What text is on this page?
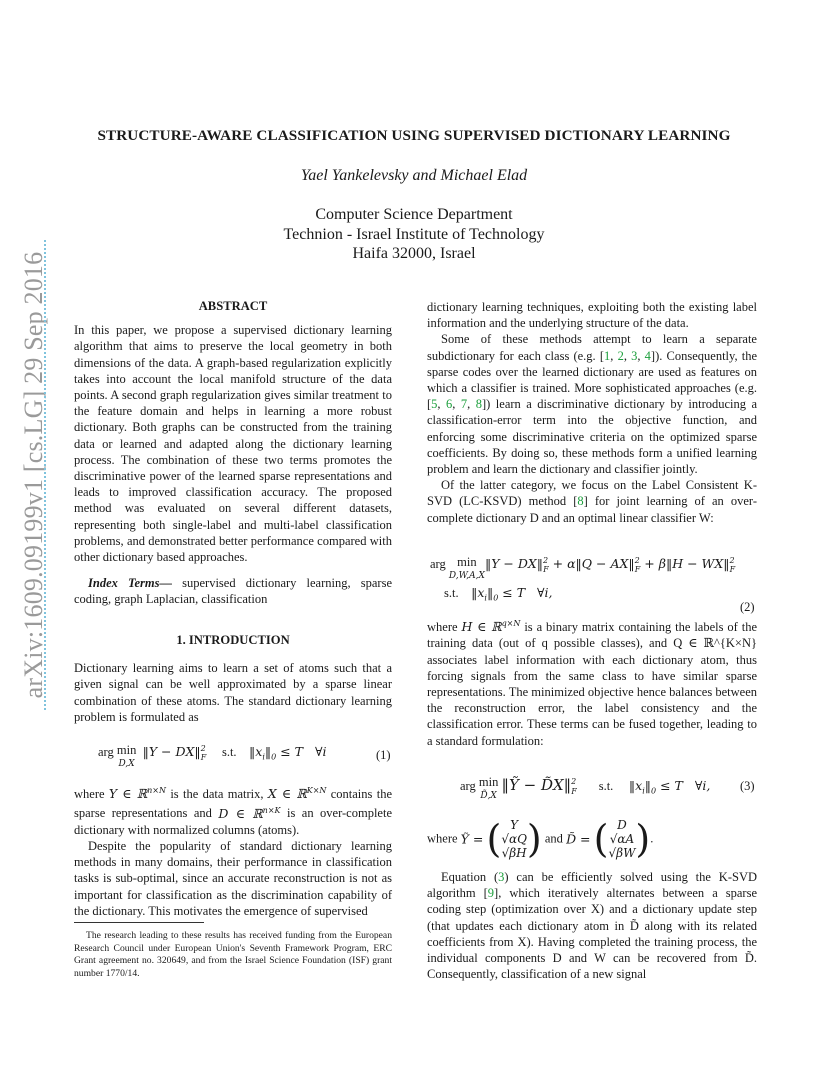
arXiv:1609.09199v1 [cs.LG] 29 Sep 2016
STRUCTURE-AWARE CLASSIFICATION USING SUPERVISED DICTIONARY LEARNING
Yael Yankelevsky and Michael Elad
Computer Science Department
Technion - Israel Institute of Technology
Haifa 32000, Israel
ABSTRACT

In this paper, we propose a supervised dictionary learning algorithm that aims to preserve the local geometry in both dimensions of the data. A graph-based regularization explicitly takes into account the local manifold structure of the data points. A second graph regularization gives similar treatment to the feature domain and helps in learning a more robust dictionary. Both graphs can be constructed from the training data or learned and adapted along the dictionary learning process. The combination of these two terms promotes the discriminative power of the learned sparse representations and leads to improved classification accuracy. The proposed method was evaluated on several different datasets, representing both single-label and multi-label classification problems, and demonstrated better performance compared with other dictionary based approaches.

Index Terms— supervised dictionary learning, sparse coding, graph Laplacian, classification

1. INTRODUCTION

Dictionary learning aims to learn a set of atoms such that a given signal can be well approximated by a sparse linear combination of these atoms. The standard dictionary learning problem is formulated as

arg min
D,X  ‖Y − DX‖$^2_F$ s.t. $‖x_i‖_0 \le T$   ∀i	(1)

where Y ∈ ℝ$^{n\times N}$ is the data matrix, X ∈ ℝ$^{K\times N}$ contains the sparse representations and D ∈ ℝ$^{n\times K}$ is an over-complete dictionary with normalized columns (atoms).

Despite the popularity of standard dictionary learning methods in many domains, their performance in classification tasks is sub-optimal, since an accurate reconstruction is not as important for classification as the discrimination capability of the dictionary. This motivates the emergence of supervised

The research leading to these results has received funding from the European Research Council under European Union's Seventh Framework Program, ERC Grant agreement no. 320649, and from the Israel Science Foundation (ISF) grant number 1770/14.

dictionary learning techniques, exploiting both the existing label information and the underlying structure of the data.

Some of these methods attempt to learn a separate subdictionary for each class (e.g. [1, 2, 3, 4]). Consequently, the sparse codes over the learned dictionary are used as features on which a classifier is trained. More sophisticated approaches (e.g. [5, 6, 7, 8]) learn a discriminative dictionary by introducing a classification-error term into the objective function, and enforcing some discriminative criteria on the optimized sparse coefficients. By doing so, these methods form a unified learning problem and learn the dictionary and classifier jointly.

Of the latter category, we focus on the Label Consistent K-SVD (LC-KSVD) method [8] for joint learning of an over-complete dictionary D and an optimal linear classifier W:

arg min
D,W,A,X‖Y − DX‖$^2_F$ + α‖Q − AX‖$^2_F$ + β‖H − WX‖$^2_F$
s.t. $‖x_i‖_0 \le T$   ∀i,
(2)

where H ∈ ℝ$^{q\times N}$ is a binary matrix containing the labels of the training data (out of q possible classes), and Q ∈ ℝ^{K×N} associates label information with each dictionary atom, thus forcing signals from the same class to have similar sparse representations. The minimized objective hence balances between the reconstruction error, the label consistency and the classification error. These terms can be fused together, leading to a standard formulation:

arg min
D̃,X ‖Ỹ − D̃X‖$^2_F$ s.t. $‖x_i‖_0 \le T$   ∀i, (3)
where Ỹ = ( Y
√αQ
√βH) and D̃ = ( D
√αA
√βW).

Equation (3) can be efficiently solved using the K-SVD algorithm [9], which iteratively alternates between a sparse coding step (optimization over X) and a dictionary update step (that updates each dictionary atom in D̃ along with its related coefficients from X). Having completed the training process, the individual components D and W can be recovered from D̃. Consequently, classification of a new signal
